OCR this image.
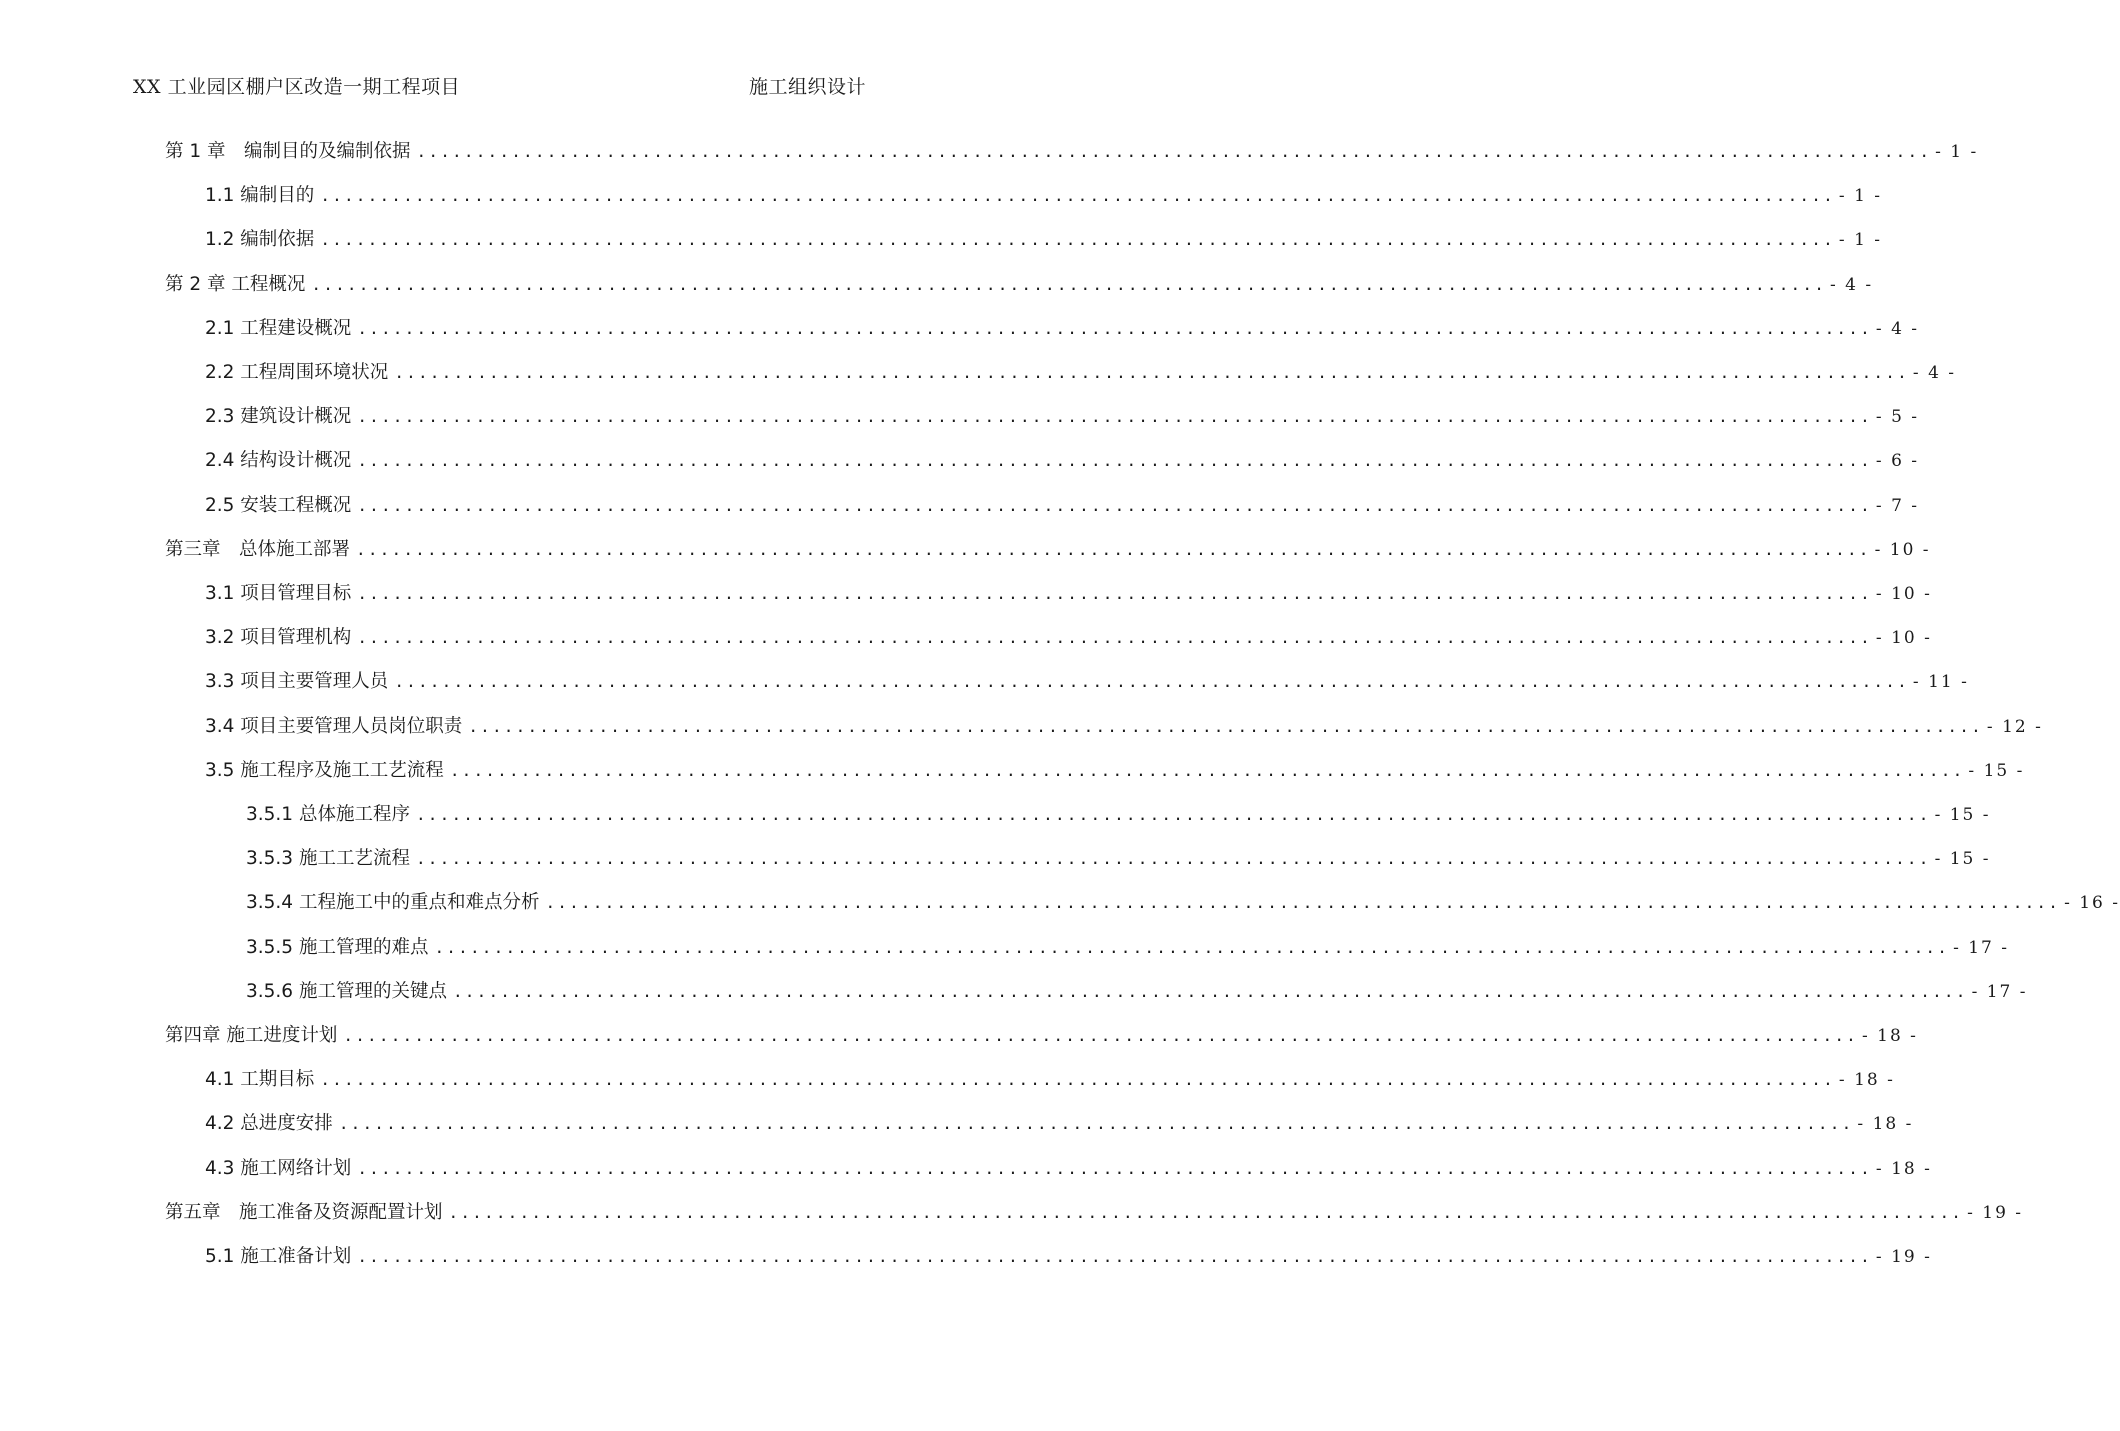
XX 工业园区棚户区改造一期工程项目	施工组织设计
第 1 章　编制目的及编制依据 ................................................................................................................................ - 1 -
1.1 编制目的 ................................................................................................................................ - 1 -
1.2 编制依据 ................................................................................................................................ - 1 -
第 2 章 工程概况 ................................................................................................................................ - 4 -
2.1 工程建设概况 ................................................................................................................................ - 4 -
2.2 工程周围环境状况 ................................................................................................................................ - 4 -
2.3 建筑设计概况 ................................................................................................................................ - 5 -
2.4 结构设计概况 ................................................................................................................................ - 6 -
2.5 安装工程概况 ................................................................................................................................ - 7 -
第三章　总体施工部署 ................................................................................................................................ - 10 -
3.1 项目管理目标 ................................................................................................................................ - 10 -
3.2 项目管理机构 ................................................................................................................................ - 10 -
3.3 项目主要管理人员 ................................................................................................................................ - 11 -
3.4 项目主要管理人员岗位职责 ................................................................................................................................ - 12 -
3.5 施工程序及施工工艺流程 ................................................................................................................................ - 15 -
3.5.1 总体施工程序 ................................................................................................................................ - 15 -
3.5.3 施工工艺流程 ................................................................................................................................ - 15 -
3.5.4 工程施工中的重点和难点分析 ................................................................................................................................ - 16 -
3.5.5 施工管理的难点 ................................................................................................................................ - 17 -
3.5.6 施工管理的关键点 ................................................................................................................................ - 17 -
第四章 施工进度计划 ................................................................................................................................ - 18 -
4.1 工期目标 ................................................................................................................................ - 18 -
4.2 总进度安排 ................................................................................................................................ - 18 -
4.3 施工网络计划 ................................................................................................................................ - 18 -
第五章　施工准备及资源配置计划 ................................................................................................................................ - 19 -
5.1 施工准备计划 ................................................................................................................................ - 19 -
